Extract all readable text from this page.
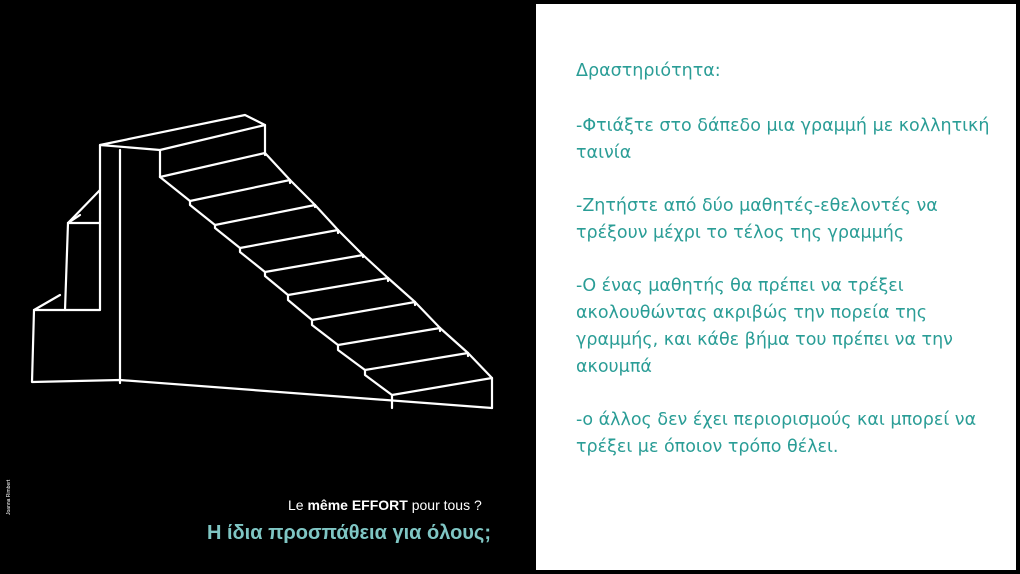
Joanna Rimbert	Le même EFFORT pour tous ?
Η ίδια προσπάθεια για όλους;

Δραστηριότητα:

-Φτιάξτε στο δάπεδο μια γραμμή με κολλητική ταινία

-Ζητήστε από δύο μαθητές-εθελοντές να τρέξουν μέχρι το τέλος της γραμμής

-Ο ένας μαθητής θα πρέπει να τρέξει ακολουθώντας ακριβώς την πορεία της γραμμής, και κάθε βήμα του πρέπει να την ακουμπά

-ο άλλος δεν έχει περιορισμούς και μπορεί να τρέξει με όποιον τρόπο θέλει.
